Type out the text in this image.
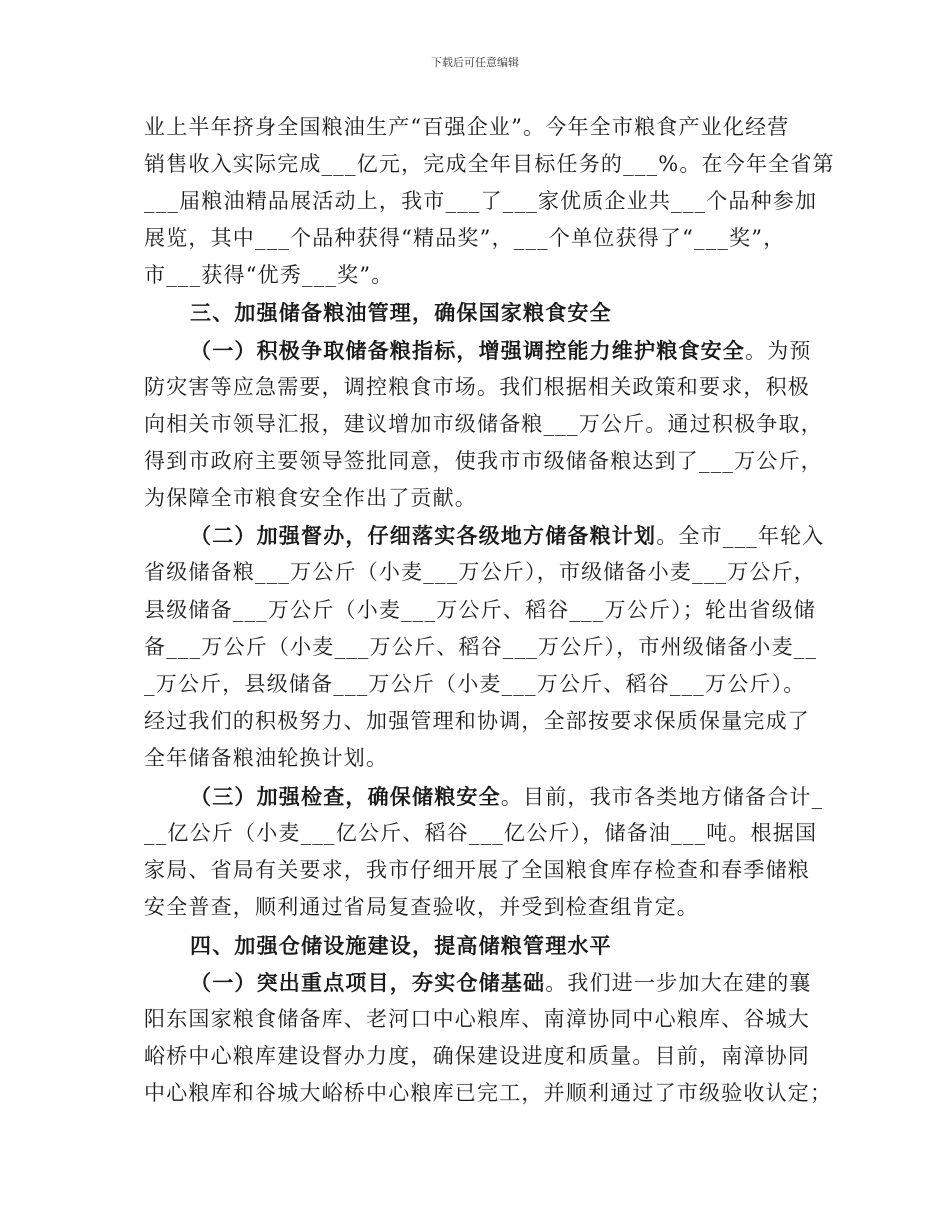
下载后可任意编辑
业上半年挤身全国粮油生产“百强企业”。今年全市粮食产业化经营
销售收入实际完成___亿元，完成全年目标任务的___%。在今年全省第
___届粮油精品展活动上，我市___了___家优质企业共___个品种参加
展览，其中___个品种获得“精品奖”，___个单位获得了“___奖”，
市___获得“优秀___奖”。
三、加强储备粮油管理，确保国家粮食安全
（一）积极争取储备粮指标，增强调控能力维护粮食安全。为预
防灾害等应急需要，调控粮食市场。我们根据相关政策和要求，积极
向相关市领导汇报，建议增加市级储备粮___万公斤。通过积极争取，
得到市政府主要领导签批同意，使我市市级储备粮达到了___万公斤，
为保障全市粮食安全作出了贡献。
（二）加强督办，仔细落实各级地方储备粮计划。全市___年轮入
省级储备粮___万公斤（小麦___万公斤），市级储备小麦___万公斤，
县级储备___万公斤（小麦___万公斤、稻谷___万公斤）；轮出省级储
备___万公斤（小麦___万公斤、稻谷___万公斤），市州级储备小麦__
_万公斤，县级储备___万公斤（小麦___万公斤、稻谷___万公斤）。
经过我们的积极努力、加强管理和协调，全部按要求保质保量完成了
全年储备粮油轮换计划。
（三）加强检查，确保储粮安全。目前，我市各类地方储备合计_
__亿公斤（小麦___亿公斤、稻谷___亿公斤），储备油___吨。根据国
家局、省局有关要求，我市仔细开展了全国粮食库存检查和春季储粮
安全普查，顺利通过省局复查验收，并受到检查组肯定。
四、加强仓储设施建设，提高储粮管理水平
（一）突出重点项目，夯实仓储基础。我们进一步加大在建的襄
阳东国家粮食储备库、老河口中心粮库、南漳协同中心粮库、谷城大
峪桥中心粮库建设督办力度，确保建设进度和质量。目前，南漳协同
中心粮库和谷城大峪桥中心粮库已完工，并顺利通过了市级验收认定；
